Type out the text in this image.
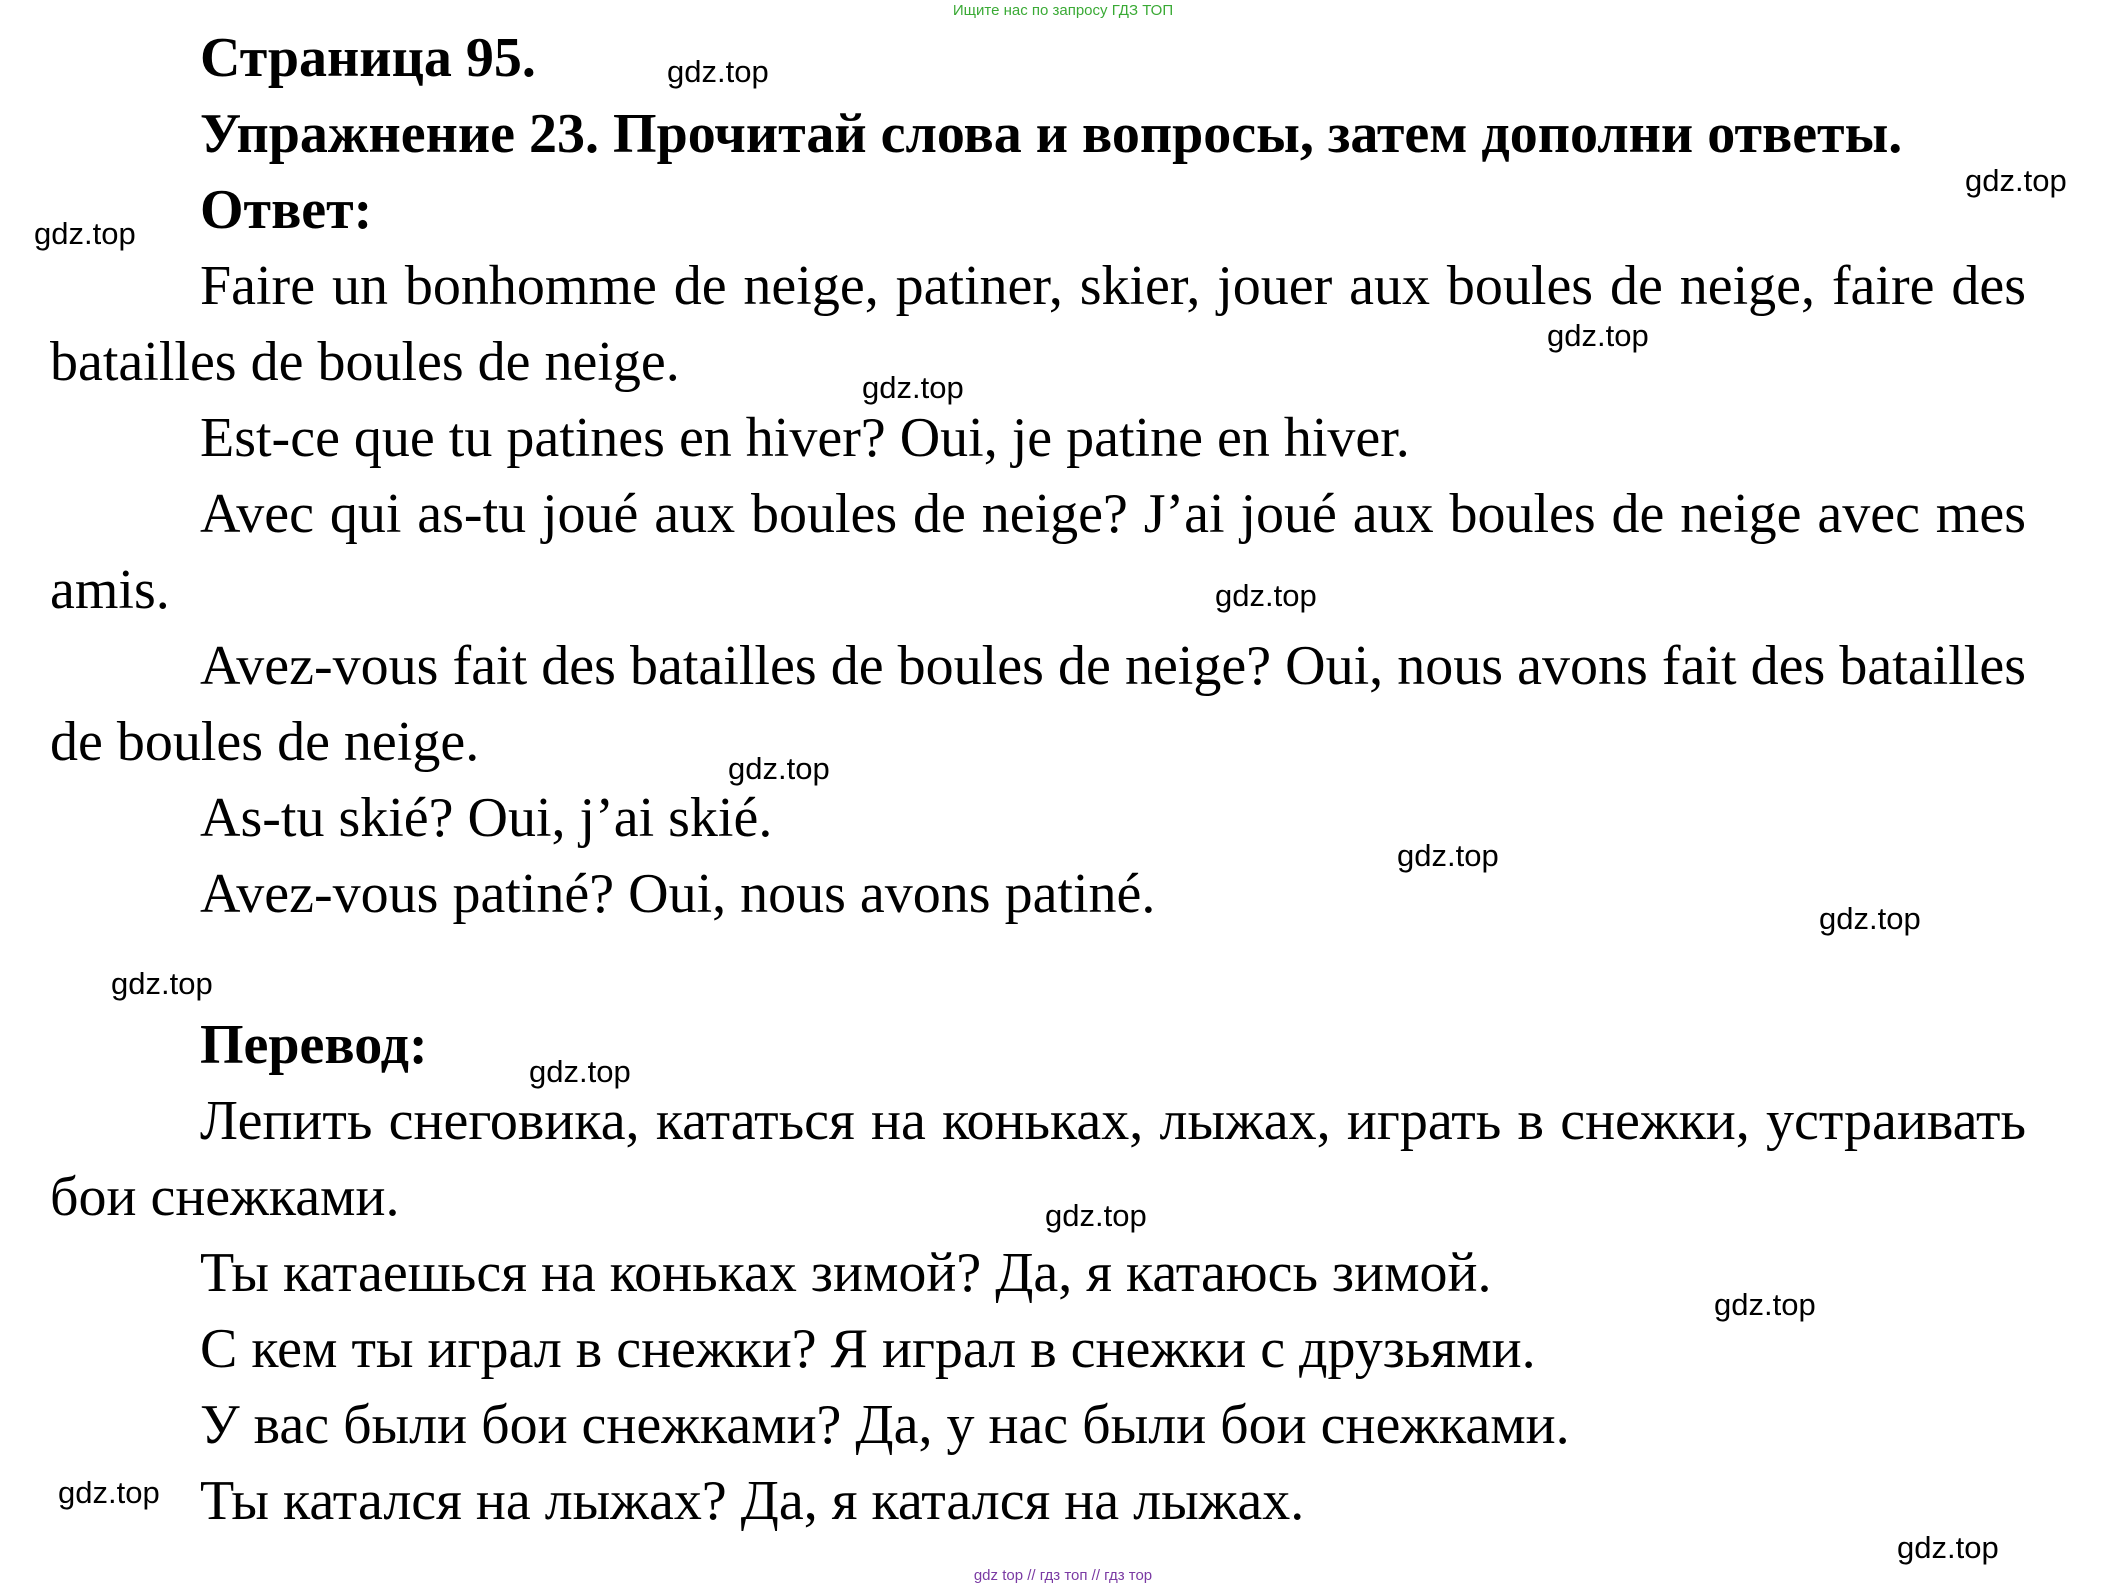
Ищите нас по запросу ГДЗ ТОП
Страница 95.
Упражнение 23. Прочитай слова и вопросы, затем дополни ответы.
Ответ:

Faire un bonhomme de neige, patiner, skier, jouer aux boules de neige, faire des batailles de boules de neige.

Est-ce que tu patines en hiver? Oui, je patine en hiver.

Avec qui as-tu joué aux boules de neige? J’ai joué aux boules de neige avec mes amis.

Avez-vous fait des batailles de boules de neige? Oui, nous avons fait des batailles de boules de neige.

As-tu skié? Oui, j’ai skié.

Avez-vous patiné? Oui, nous avons patiné.

Перевод:

Лепить снеговика, кататься на коньках, лыжах, играть в снежки, устраивать бои снежками.

Ты катаешься на коньках зимой? Да, я катаюсь зимой.

С кем ты играл в снежки? Я играл в снежки с друзьями.

У вас были бои снежками? Да, у нас были бои снежками.

Ты катался на лыжах? Да, я катался на лыжах.

gdz.top
gdz.top
gdz.top
gdz.top
gdz.top
gdz.top
gdz.top
gdz.top
gdz.top
gdz.top
gdz.top
gdz.top
gdz.top
gdz.top
gdz.top
gdz top // гдз топ // гдз тор
